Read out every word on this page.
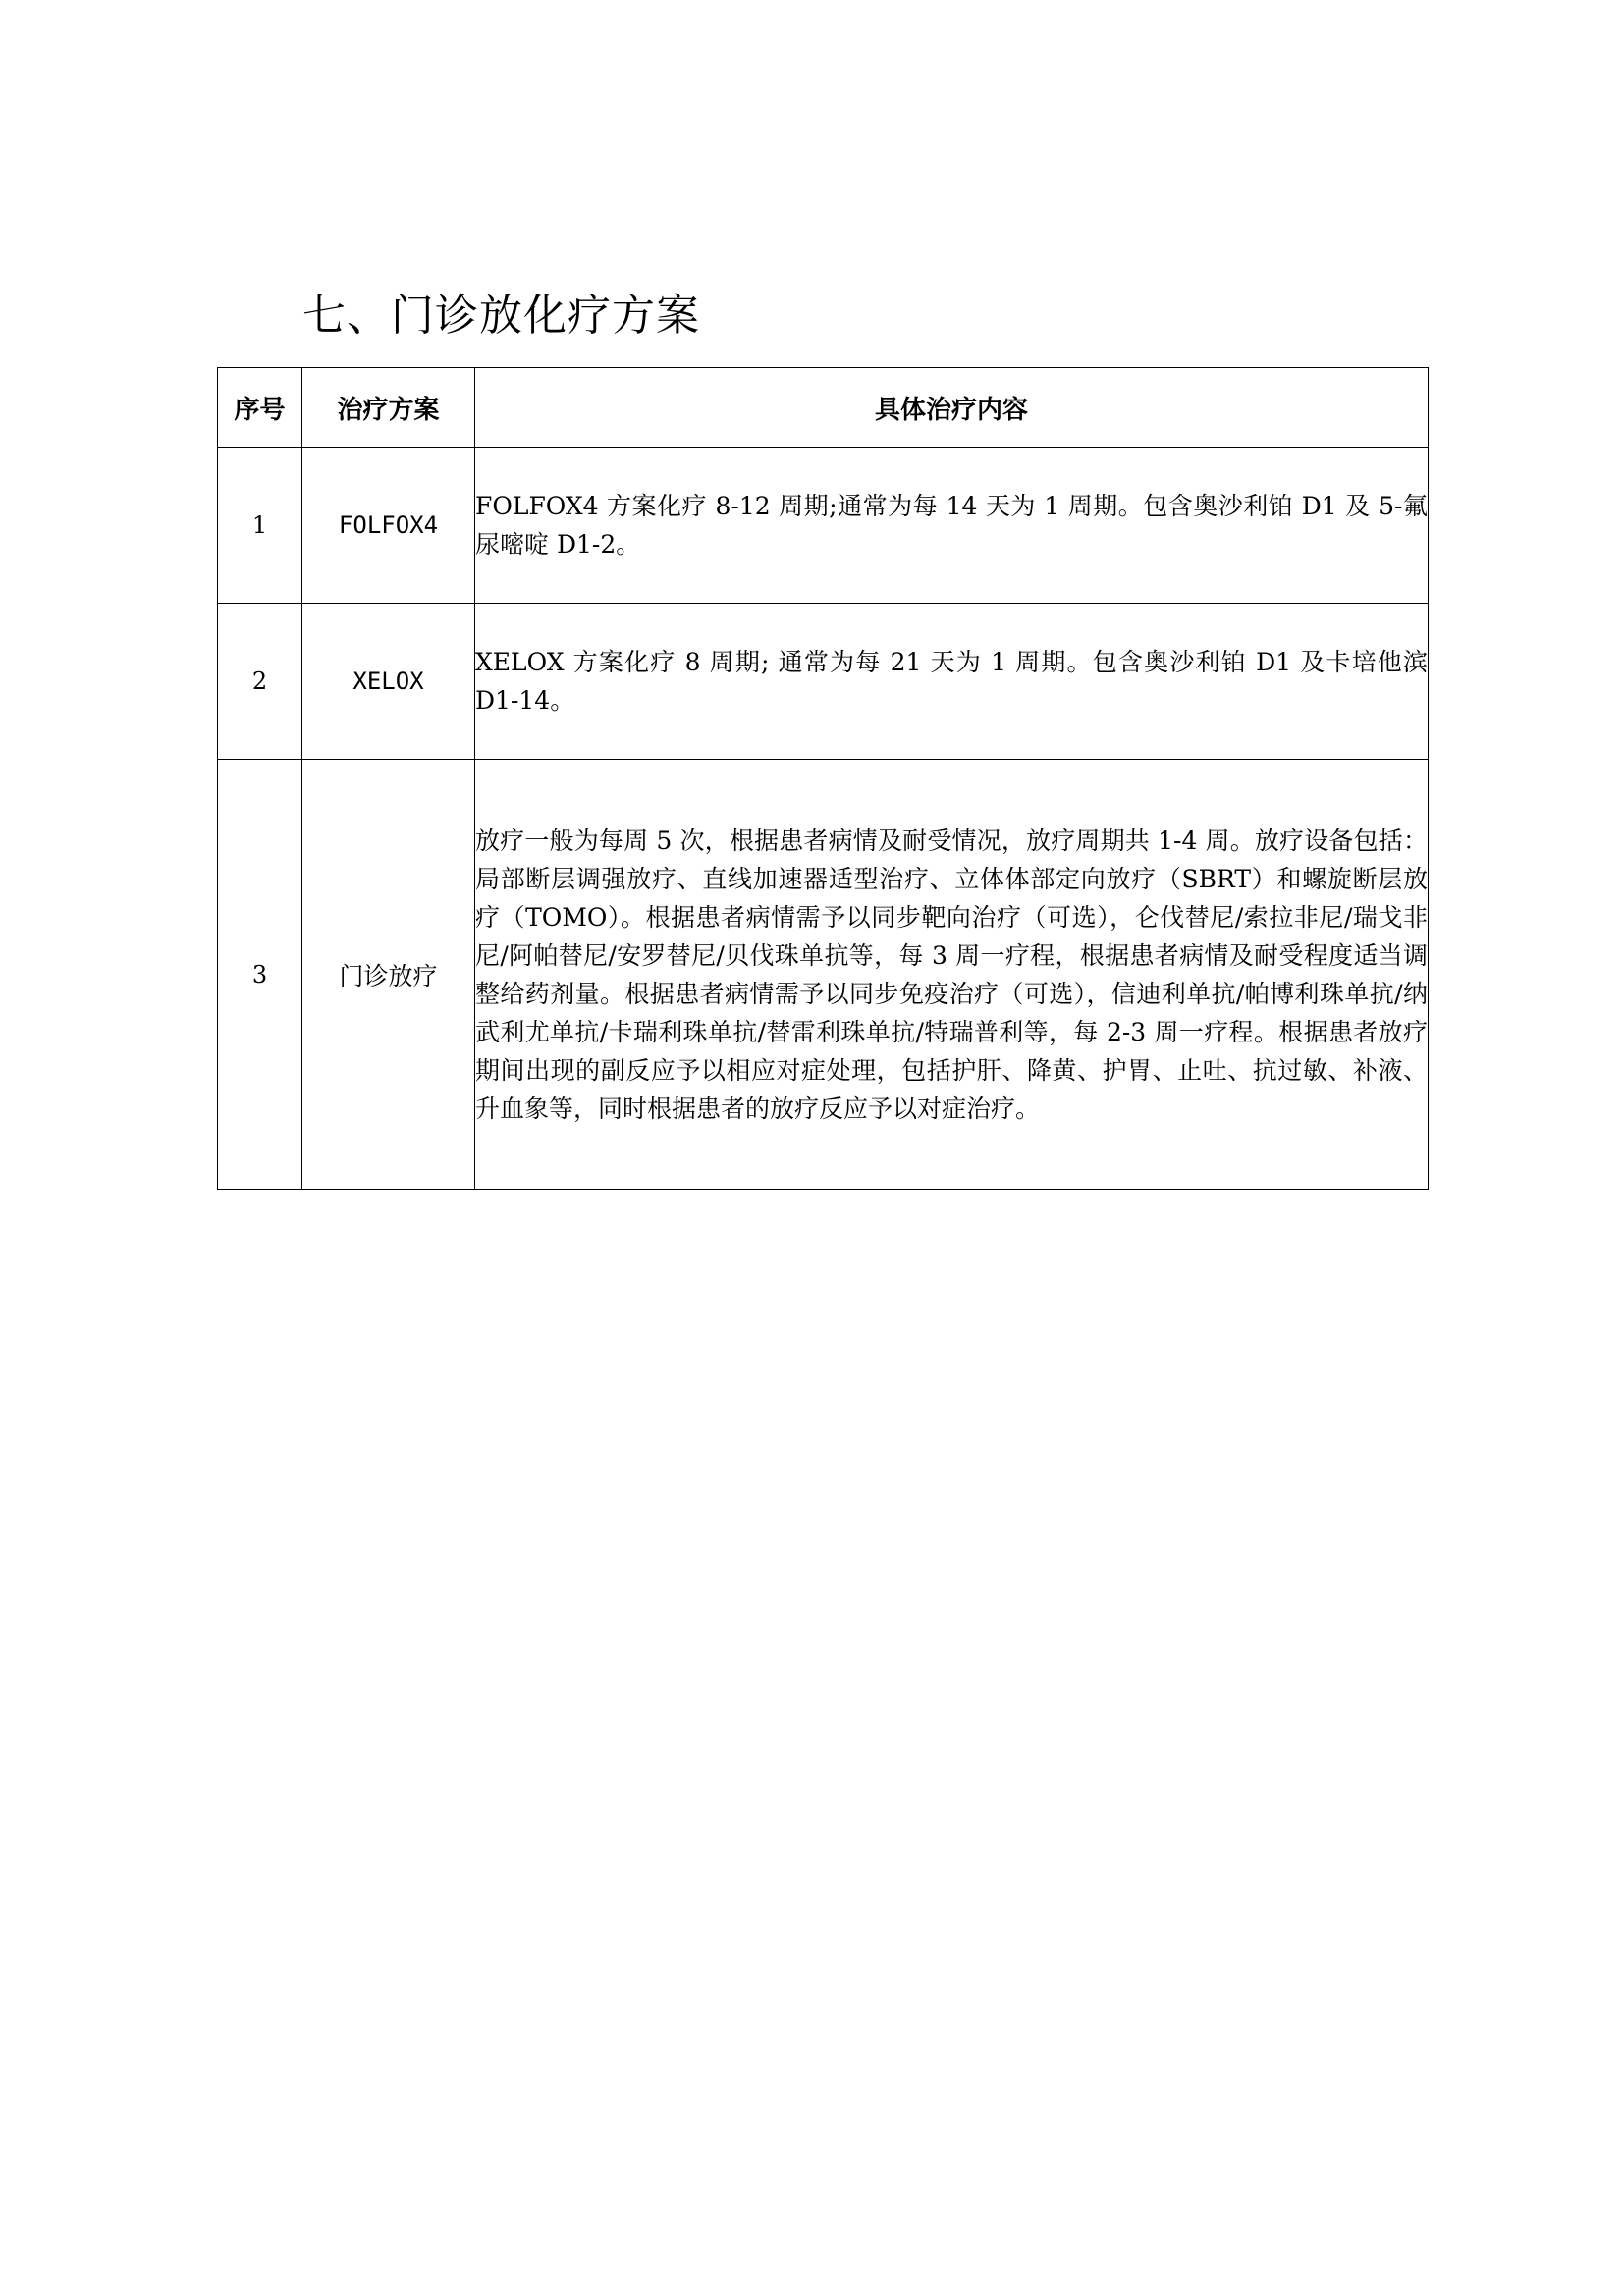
七、门诊放化疗方案
序号	治疗方案	具体治疗内容
1	FOLFOX4	FOLFOX4 方案化疗 8-12 周期;通常为每 14 天为 1 周期。包含奥沙利铂 D1 及 5-氟尿嘧啶 D1-2。
2	XELOX	XELOX 方案化疗 8 周期; 通常为每 21 天为 1 周期。包含奥沙利铂 D1 及卡培他滨 D1-14。
3	门诊放疗	放疗一般为每周 5 次，根据患者病情及耐受情况，放疗周期共 1-4 周。放疗设备包括：局部断层调强放疗、直线加速器适型治疗、立体体部定向放疗（SBRT）和螺旋断层放疗（TOMO）。根据患者病情需予以同步靶向治疗（可选），仑伐替尼/索拉非尼/瑞戈非尼/阿帕替尼/安罗替尼/贝伐珠单抗等，每 3 周一疗程，根据患者病情及耐受程度适当调整给药剂量。根据患者病情需予以同步免疫治疗（可选），信迪利单抗/帕博利珠单抗/纳武利尤单抗/卡瑞利珠单抗/替雷利珠单抗/特瑞普利等，每 2-3 周一疗程。根据患者放疗期间出现的副反应予以相应对症处理，包括护肝、降黄、护胃、止吐、抗过敏、补液、升血象等，同时根据患者的放疗反应予以对症治疗。
